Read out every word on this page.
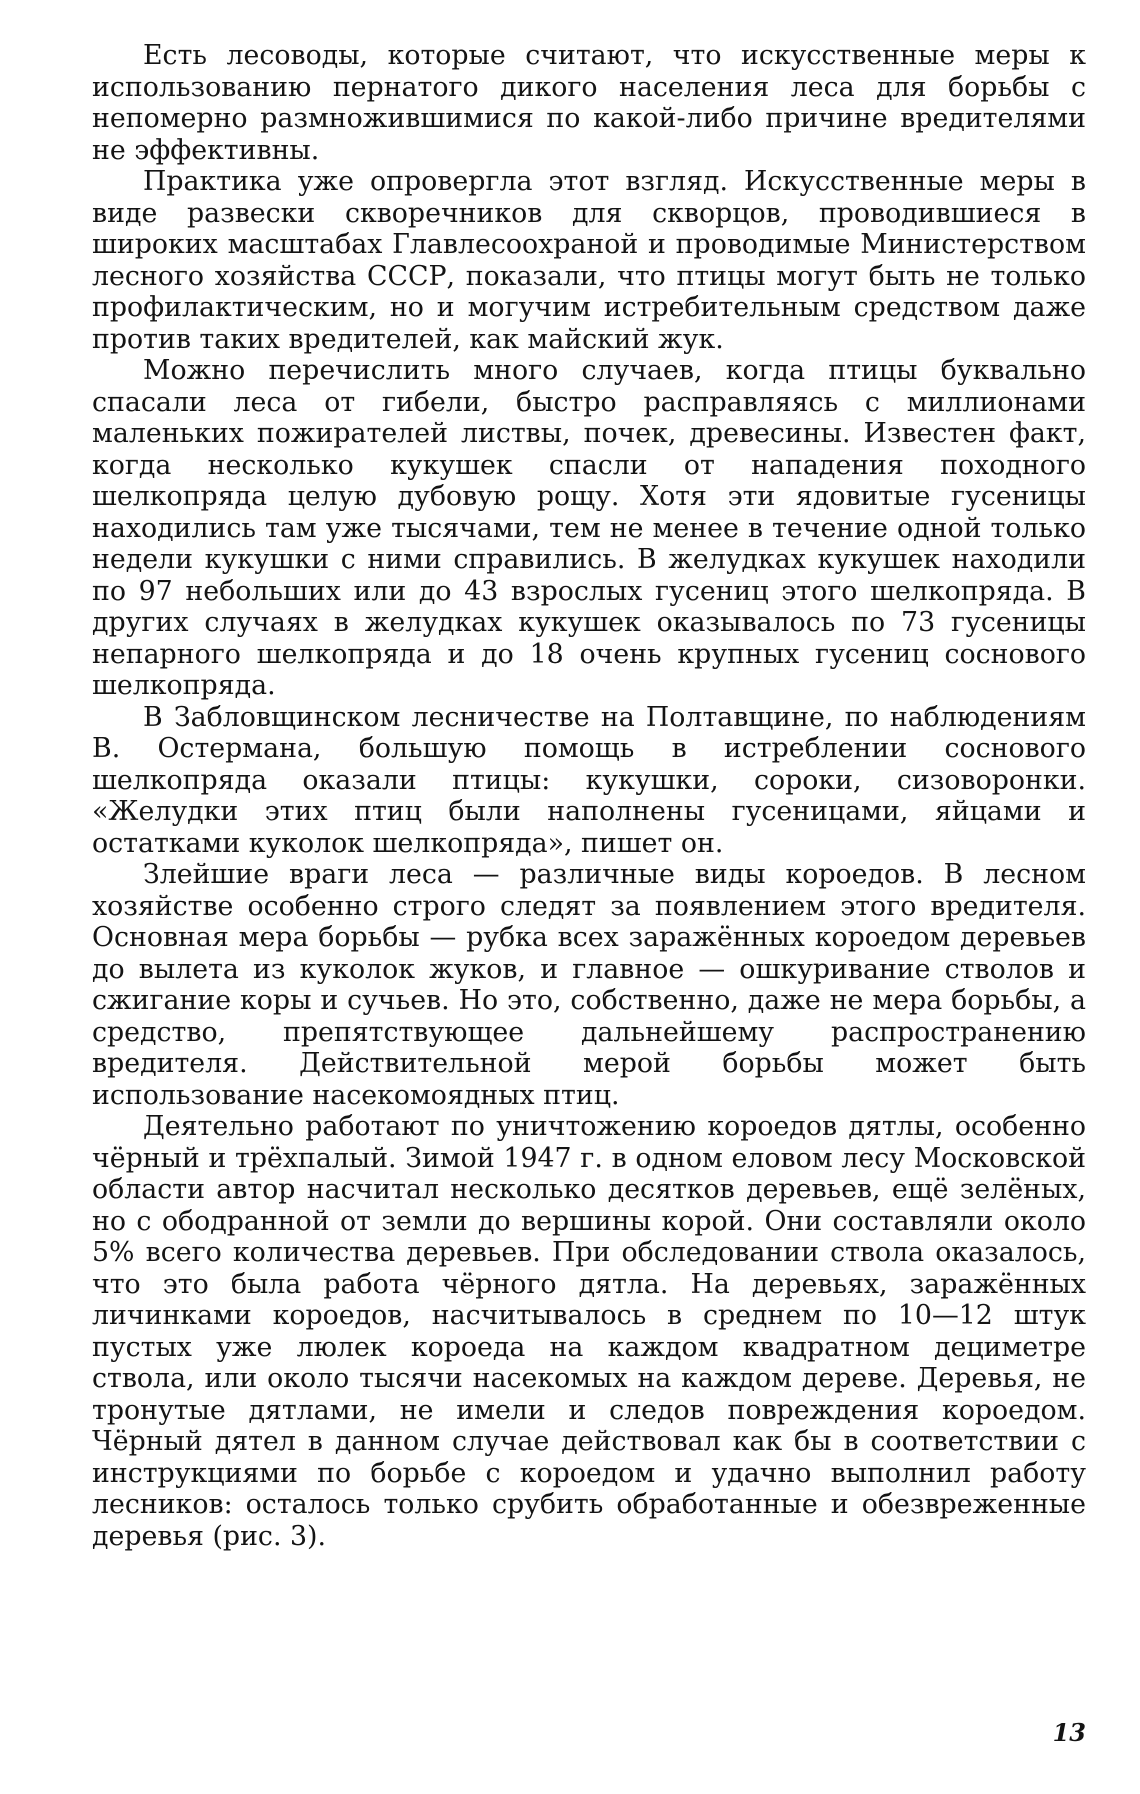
Есть лесоводы, которые считают, что искусственные меры к использованию пернатого дикого населения леса для борьбы с непомерно размножившимися по какой-либо причине вредителями не эффективны.

Практика уже опровергла этот взгляд. Искусственные меры в виде развески скворечников для скворцов, проводившиеся в широких масштабах Главлесоохраной и проводимые Министерством лесного хозяйства СССР, показали, что птицы могут быть не только профилактическим, но и могучим истребительным средством даже против таких вредителей, как майский жук.

Можно перечислить много случаев, когда птицы буквально спасали леса от гибели, быстро расправляясь с миллионами маленьких пожирателей листвы, почек, древесины. Известен факт, когда несколько кукушек спасли от нападения походного шелкопряда целую дубовую рощу. Хотя эти ядовитые гусеницы находились там уже тысячами, тем не менее в течение одной только недели кукушки с ними справились. В желудках кукушек находили по 97 небольших или до 43 взрослых гусениц этого шелкопряда. В других случаях в желудках кукушек оказывалось по 73 гусеницы непарного шелкопряда и до 18 очень крупных гусениц соснового шелкопряда.

В Забловщинском лесничестве на Полтавщине, по наблюдениям В. Остермана, большую помощь в истреблении соснового шелкопряда оказали птицы: кукушки, сороки, сизоворонки. «Желудки этих птиц были наполнены гусеницами, яйцами и остатками куколок шелкопряда», пишет он.

Злейшие враги леса — различные виды короедов. В лесном хозяйстве особенно строго следят за появлением этого вредителя. Основная мера борьбы — рубка всех заражённых короедом деревьев до вылета из куколок жуков, и главное — ошкуривание стволов и сжигание коры и сучьев. Но это, собственно, даже не мера борьбы, а средство, препятствующее дальнейшему распространению вредителя. Действительной мерой борьбы может быть использование насекомоядных птиц.

Деятельно работают по уничтожению короедов дятлы, особенно чёрный и трёхпалый. Зимой 1947 г. в одном еловом лесу Московской области автор насчитал несколько десятков деревьев, ещё зелёных, но с ободранной от земли до вершины корой. Они составляли около 5% всего количества деревьев. При обследовании ствола оказалось, что это была работа чёрного дятла. На деревьях, заражённых личинками короедов, насчитывалось в среднем по 10—12 штук пустых уже люлек короеда на каждом квадратном дециметре ствола, или около тысячи насекомых на каждом дереве. Деревья, не тронутые дятлами, не имели и следов повреждения короедом. Чёрный дятел в данном случае действовал как бы в соответствии с инструкциями по борьбе с короедом и удачно выполнил работу лесников: осталось только срубить обработанные и обезвреженные деревья (рис. 3).

13
